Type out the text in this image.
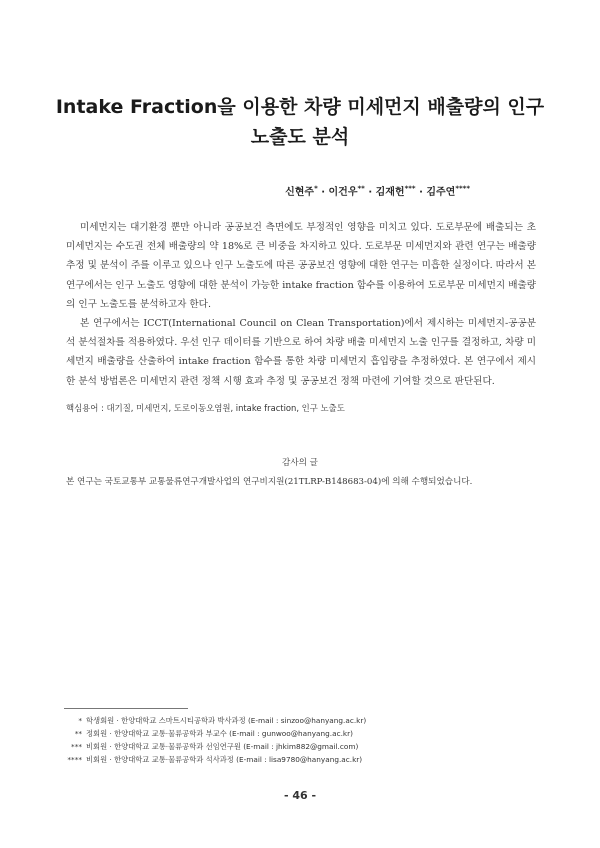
Intake Fraction을 이용한 차량 미세먼지 배출량의 인구
노출도 분석
신현주* · 이건우** · 김재헌*** · 김주연****

미세먼지는 대기환경 뿐만 아니라 공공보건 측면에도 부정적인 영향을 미치고 있다. 도로부문에 배출되는 초미세먼지는 수도권 전체 배출량의 약 18%로 큰 비중을 차지하고 있다. 도로부문 미세먼지와 관련 연구는 배출량 추정 및 분석이 주를 이루고 있으나 인구 노출도에 따른 공공보건 영향에 대한 연구는 미흡한 실정이다. 따라서 본 연구에서는 인구 노출도 영향에 대한 분석이 가능한 intake fraction 함수를 이용하여 도로부문 미세먼지 배출량의 인구 노출도를 분석하고자 한다.

본 연구에서는 ICCT(International Council on Clean Transportation)에서 제시하는 미세먼지-공공분석 분석절차를 적용하였다. 우선 인구 데이터를 기반으로 하여 차량 배출 미세먼지 노출 인구를 결정하고, 차량 미세먼지 배출량을 산출하여 intake fraction 함수를 통한 차량 미세먼지 흡입량을 추정하였다. 본 연구에서 제시한 분석 방법론은 미세먼지 관련 정책 시행 효과 추정 및 공공보건 정책 마련에 기여할 것으로 판단된다.

핵심용어 : 대기질, 미세먼지, 도로이동오염원, intake fraction, 인구 노출도
감사의 글
본 연구는 국토교통부 교통물류연구개발사업의 연구비지원(21TLRP-B148683-04)에 의해 수행되었습니다.
* 학생회원 · 한양대학교 스마트시티공학과 박사과정 (E-mail : sinzoo@hanyang.ac.kr)
** 정회원 · 한양대학교 교통·물류공학과 부교수 (E-mail : gunwoo@hanyang.ac.kr)
*** 비회원 · 한양대학교 교통·물류공학과 선임연구원 (E-mail : jhkim882@gmail.com)
**** 비회원 · 한양대학교 교통·물류공학과 석사과정 (E-mail : lisa9780@hanyang.ac.kr)
- 46 -
